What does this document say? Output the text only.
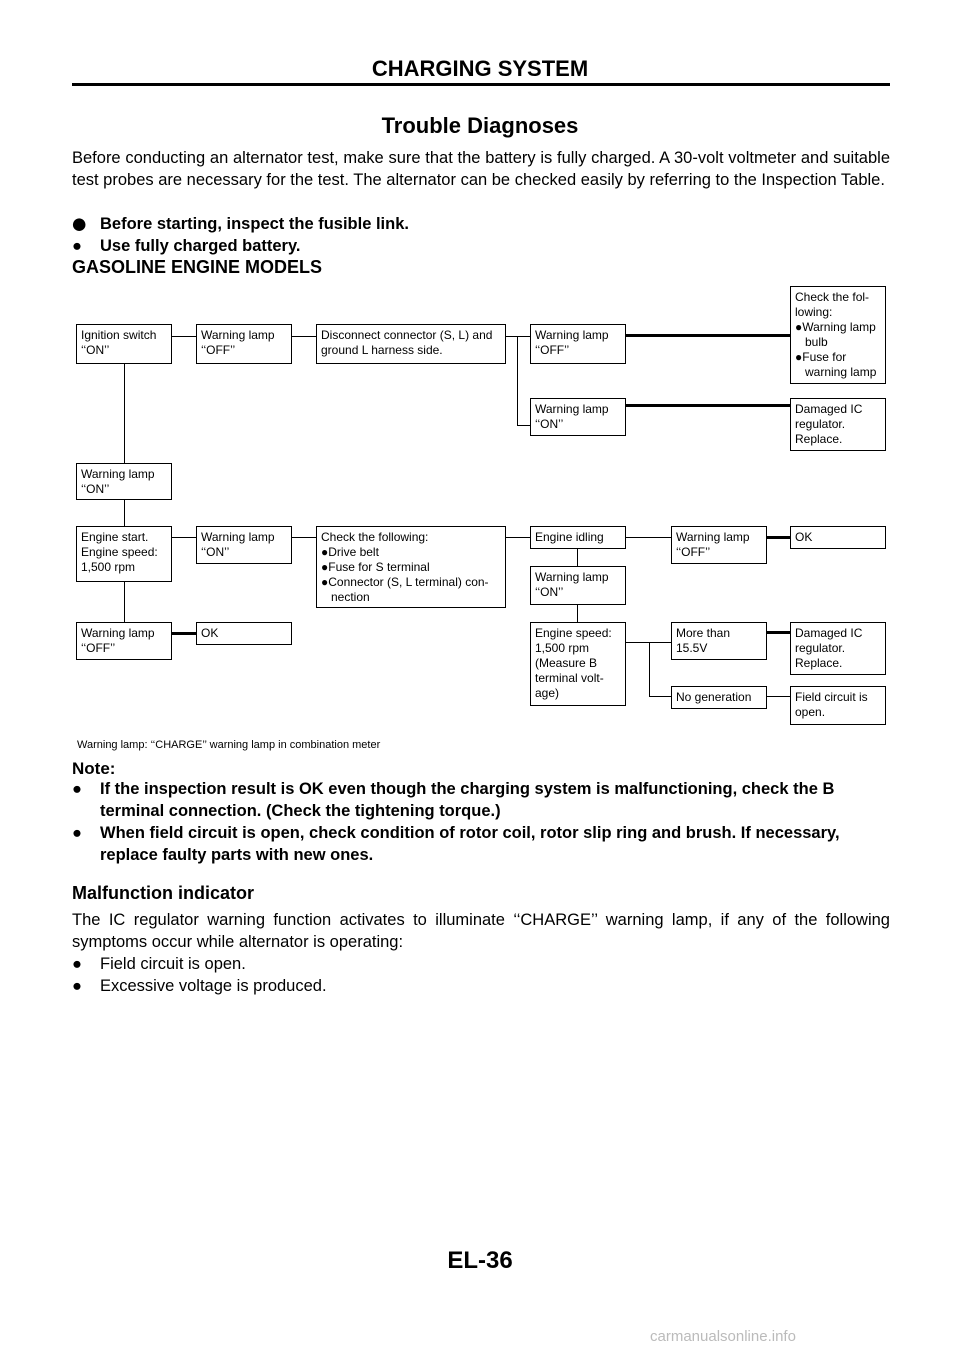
CHARGING SYSTEM
Trouble Diagnoses
Before conducting an alternator test, make sure that the battery is fully charged. A 30-volt voltmeter and suitable test probes are necessary for the test. The alternator can be checked easily by referring to the Inspection Table.
● Before starting, inspect the fusible link.
● Use fully charged battery.
GASOLINE ENGINE MODELS
Ignition switch
‘‘ON’’
Warning lamp
‘‘OFF’’
Disconnect connector (S, L) and
ground L harness side.
Warning lamp
‘‘OFF’’
Check the fol-
lowing:
●Warning lamp bulb
●Fuse for warning lamp
Warning lamp
‘‘ON’’
Damaged IC
regulator.
Replace.
Warning lamp
‘‘ON’’
Engine start.
Engine speed:
1,500 rpm
Warning lamp
‘‘ON’’
Check the following:
●Drive belt
●Fuse for S terminal
●Connector (S, L terminal) con- nection
Engine idling	Warning lamp
‘‘OFF’’
OK
Warning lamp
‘‘ON’’
Warning lamp
‘‘OFF’’
OK	Engine speed:
1,500 rpm
(Measure B
terminal volt-
age)
More than
15.5V
Damaged IC
regulator.
Replace.
No generation	Field circuit is
open.
Warning lamp: ‘‘CHARGE’’ warning lamp in combination meter
Note:
●	If the inspection result is OK even though the charging system is malfunctioning, check the B terminal connection. (Check the tightening torque.)
●	When field circuit is open, check condition of rotor coil, rotor slip ring and brush. If necessary, replace faulty parts with new ones.
Malfunction indicator
The IC regulator warning function activates to illuminate ‘‘CHARGE’’ warning lamp, if any of the following symptoms occur while alternator is operating:
● Field circuit is open.
● Excessive voltage is produced.
EL-36
carmanualsonline.info
